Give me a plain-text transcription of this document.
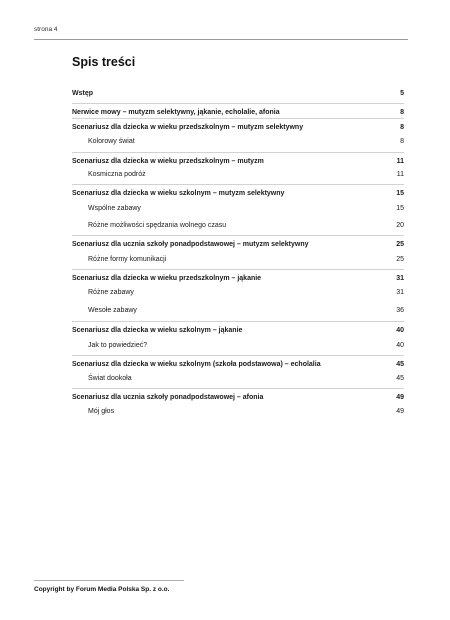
strona 4
Spis treści
Wstęp	5
Nerwice mowy – mutyzm selektywny, jąkanie, echolalie, afonia	8
Scenariusz dla dziecka w wieku przedszkolnym – mutyzm selektywny	8
Kolorowy świat	8
Scenariusz dla dziecka w wieku przedszkolnym – mutyzm	11
Kosmiczna podróż	11
Scenariusz dla dziecka w wieku szkolnym – mutyzm selektywny	15
Wspólne zabawy	15
Różne możliwości spędzania wolnego czasu	20
Scenariusz dla ucznia szkoły ponadpodstawowej – mutyzm selektywny	25
Różne formy komunikacji	25
Scenariusz dla dziecka w wieku przedszkolnym – jąkanie	31
Różne zabawy	31
Wesołe zabawy	36
Scenariusz dla dziecka w wieku szkolnym – jąkanie	40
Jak to powiedzieć?	40
Scenariusz dla dziecka w wieku szkolnym (szkoła podstawowa) – echolalia	45
Świat dookoła	45
Scenariusz dla ucznia szkoły ponadpodstawowej – afonia	49
Mój głos	49
Copyright by Forum Media Polska Sp. z o.o.
